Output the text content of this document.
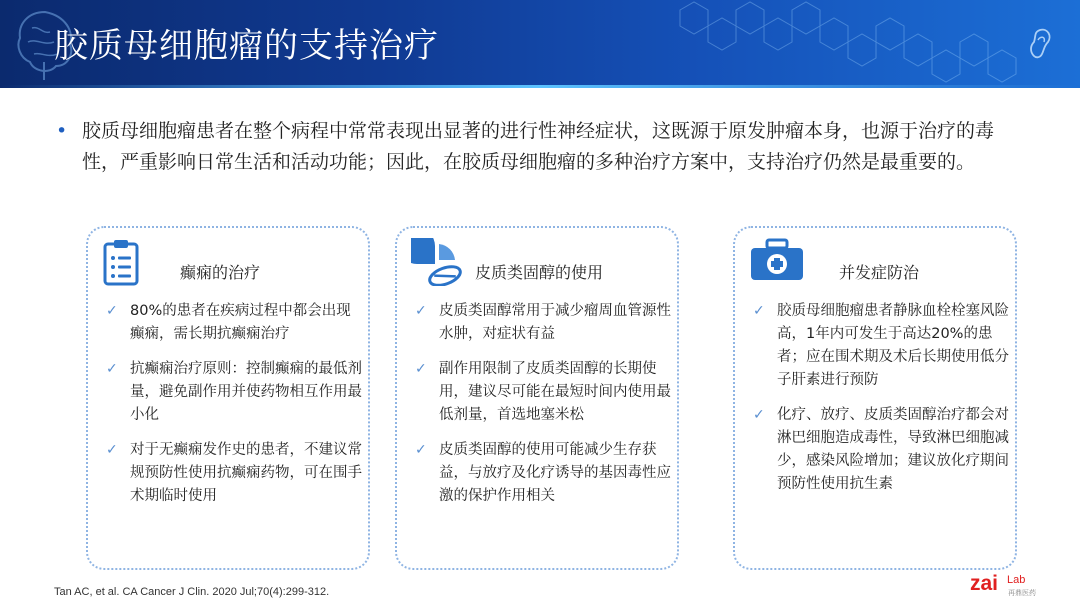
胶质母细胞瘤的支持治疗
• 胶质母细胞瘤患者在整个病程中常常表现出显著的进行性神经症状，这既源于原发肿瘤本身，也源于治疗的毒性，严重影响日常生活和活动功能；因此，在胶质母细胞瘤的多种治疗方案中，支持治疗仍然是最重要的。
癫痫的治疗
✓ 80%的患者在疾病过程中都会出现癫痫，需长期抗癫痫治疗
✓ 抗癫痫治疗原则：控制癫痫的最低剂量，避免副作用并使药物相互作用最小化
✓ 对于无癫痫发作史的患者，不建议常规预防性使用抗癫痫药物，可在围手术期临时使用
皮质类固醇的使用
✓ 皮质类固醇常用于减少瘤周血管源性水肿，对症状有益
✓ 副作用限制了皮质类固醇的长期使用，建议尽可能在最短时间内使用最低剂量，首选地塞米松
✓ 皮质类固醇的使用可能减少生存获益，与放疗及化疗诱导的基因毒性应激的保护作用相关
并发症防治
✓ 胶质母细胞瘤患者静脉血栓栓塞风险高，1年内可发生于高达20%的患者；应在围术期及术后长期使用低分子肝素进行预防
✓ 化疗、放疗、皮质类固醇治疗都会对淋巴细胞造成毒性，导致淋巴细胞减少，感染风险增加；建议放化疗期间预防性使用抗生素
Tan AC, et al. CA Cancer J Clin. 2020 Jul;70(4):299-312.	zai Lab
再鼎医药
